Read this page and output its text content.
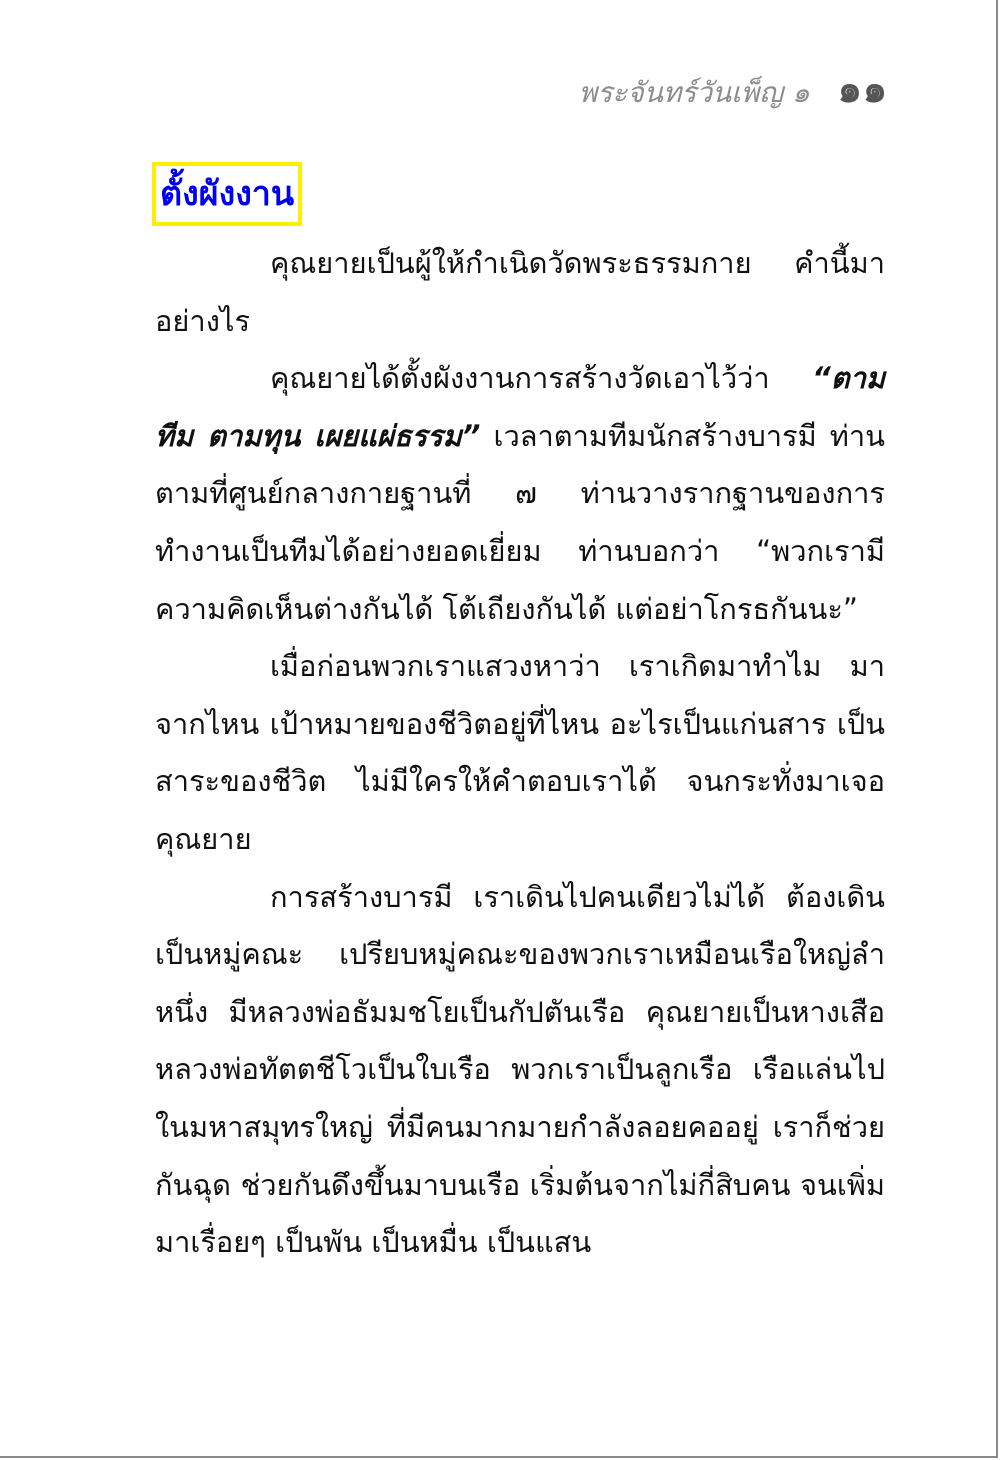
พระจันทร์วันเพ็ญ ๑ ๑๑
ตั้งผังงาน

คุณยายเป็นผู้ให้กำเนิดวัดพระธรรมกาย คำนี้มาอย่างไร

คุณยายได้ตั้งผังงานการสร้างวัดเอาไว้ว่า “ตามทีม ตามทุน เผยแผ่ธรรม” เวลาตามทีมนักสร้างบารมี ท่านตามที่ศูนย์กลางกายฐานที่ ๗ ท่านวางรากฐานของการทำงานเป็นทีมได้อย่างยอดเยี่ยม ท่านบอกว่า “พวกเรามีความคิดเห็นต่างกันได้ โต้เถียงกันได้ แต่อย่าโกรธกันนะ”

เมื่อก่อนพวกเราแสวงหาว่า เราเกิดมาทำไม มาจากไหน เป้าหมายของชีวิตอยู่ที่ไหน อะไรเป็นแก่นสาร เป็นสาระของชีวิต ไม่มีใครให้คำตอบเราได้ จนกระทั่งมาเจอคุณยาย

การสร้างบารมี เราเดินไปคนเดียวไม่ได้ ต้องเดินเป็นหมู่คณะ เปรียบหมู่คณะของพวกเราเหมือนเรือใหญ่ลำหนึ่ง มีหลวงพ่อธัมมชโยเป็นกัปตันเรือ คุณยายเป็นหางเสือ หลวงพ่อทัตตชีโวเป็นใบเรือ พวกเราเป็นลูกเรือ เรือแล่นไปในมหาสมุทรใหญ่ ที่มีคนมากมายกำลังลอยคออยู่ เราก็ช่วยกันฉุด ช่วยกันดึงขึ้นมาบนเรือ เริ่มต้นจากไม่กี่สิบคน จนเพิ่มมาเรื่อยๆ เป็นพัน เป็นหมื่น เป็นแสน
